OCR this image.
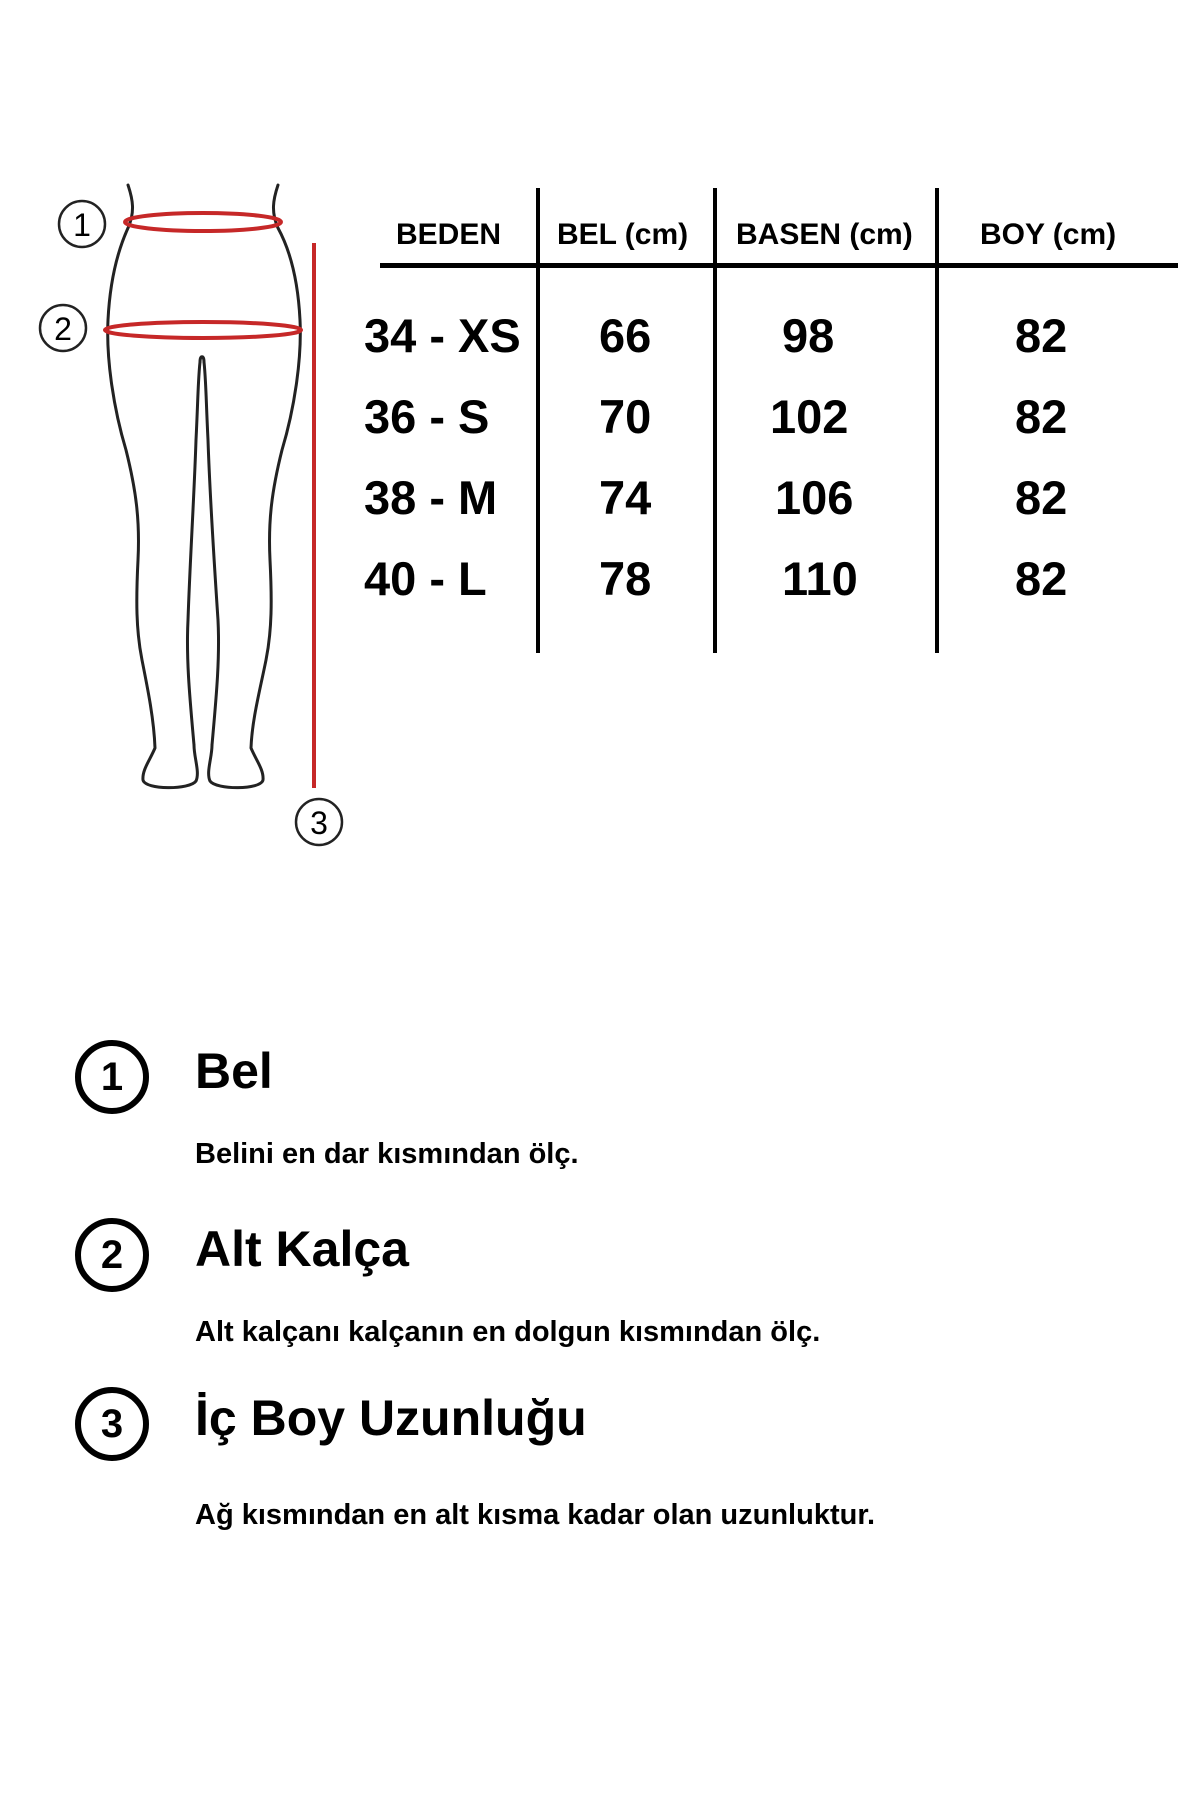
1
2
3
BEDEN BEL (cm) BASEN (cm) BOY (cm)
34 - XS 66	98	82
36 - S 70	102	82
38 - M 74	106	82
40 - L 78	110	82
1	Bel
Belini en dar kısmından ölç.
2	Alt Kalça
Alt kalçanı kalçanın en dolgun kısmından ölç.
3	İç Boy Uzunluğu
Ağ kısmından en alt kısma kadar olan uzunluktur.
